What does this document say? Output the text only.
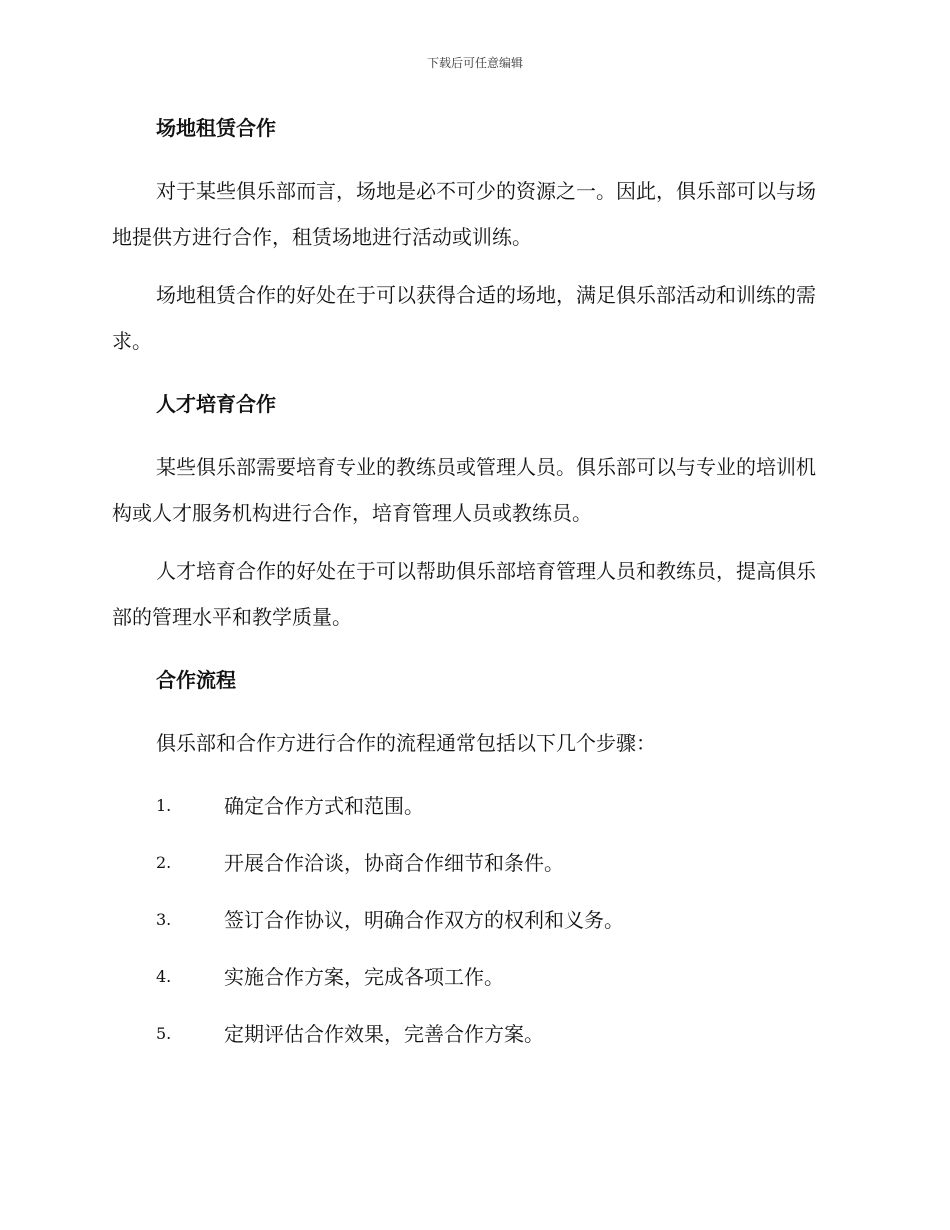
下载后可任意编辑
场地租赁合作

对于某些俱乐部而言，场地是必不可少的资源之一。因此，俱乐部可以与场地提供方进行合作，租赁场地进行活动或训练。

场地租赁合作的好处在于可以获得合适的场地，满足俱乐部活动和训练的需求。

人才培育合作

某些俱乐部需要培育专业的教练员或管理人员。俱乐部可以与专业的培训机构或人才服务机构进行合作，培育管理人员或教练员。

人才培育合作的好处在于可以帮助俱乐部培育管理人员和教练员，提高俱乐部的管理水平和教学质量。

合作流程

俱乐部和合作方进行合作的流程通常包括以下几个步骤：

1.	确定合作方式和范围。
2.	开展合作洽谈，协商合作细节和条件。
3.	签订合作协议，明确合作双方的权利和义务。
4.	实施合作方案，完成各项工作。
5.	定期评估合作效果，完善合作方案。
